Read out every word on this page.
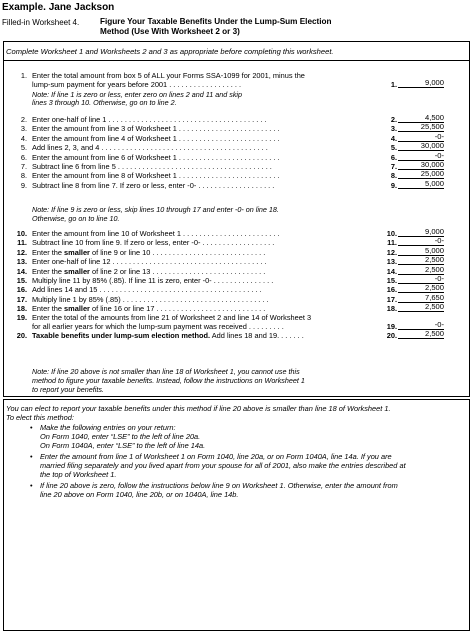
Example. Jane Jackson
Filled-in Worksheet 4.	Figure Your Taxable Benefits Under the Lump-Sum Election
Method (Use With Worksheet 2 or 3)
Complete Worksheet 1 and Worksheets 2 and 3 as appropriate before completing this worksheet.
Note: If line 1 is zero or less, enter zero on lines 2 and 11 and skip
lines 3 through 10. Otherwise, go on to line 2.
Note: If line 9 is zero or less, skip lines 10 through 17 and enter -0- on line 18.
Otherwise, go on to line 10.
Note: If line 20 above is not smaller than line 18 of Worksheet 1, you cannot use this
method to figure your taxable benefits. Instead, follow the instructions on Worksheet 1
to report your benefits.
You can elect to report your taxable benefits under this method if line 20 above is smaller than line 18 of Worksheet 1.
To elect this method:
• Make the following entries on your return:
On Form 1040, enter “LSE” to the left of line 20a.
On Form 1040A, enter “LSE” to the left of line 14a.
• Enter the amount from line 1 of Worksheet 1 on Form 1040, line 20a, or on Form 1040A, line 14a. If you are
married filing separately and you lived apart from your spouse for all of 2001, also make the entries described at
the top of Worksheet 1.
• If line 20 above is zero, follow the instructions below line 9 on Worksheet 1. Otherwise, enter the amount from
line 20 above on Form 1040, line 20b, or on 1040A, line 14b.
1. Enter the total amount from box 5 of ALL your Forms SSA-1099 for 2001, minus the
lump-sum payment for years before 2001 . . . . . . . . . . . . . . . . . .	1.	9,000
2. Enter one-half of line 1 . . . . . . . . . . . . . . . . . . . . . . . . . . . . . . . . . . . . . . .	2.	4,500
3. Enter the amount from line 3 of Worksheet 1 . . . . . . . . . . . . . . . . . . . . . . . . .	3.	25,500
4. Enter the amount from line 4 of Worksheet 1 . . . . . . . . . . . . . . . . . . . . . . . . .	4.	-0-
5. Add lines 2, 3, and 4 . . . . . . . . . . . . . . . . . . . . . . . . . . . . . . . . . . . . . . . . .	5.	30,000
6. Enter the amount from line 6 of Worksheet 1 . . . . . . . . . . . . . . . . . . . . . . . . .	6.	-0-
7. Subtract line 6 from line 5 . . . . . . . . . . . . . . . . . . . . . . . . . . . . . . . . . . . . . .	7.	30,000
8. Enter the amount from line 8 of Worksheet 1 . . . . . . . . . . . . . . . . . . . . . . . . .	8.	25,000
9. Subtract line 8 from line 7. If zero or less, enter -0- . . . . . . . . . . . . . . . . . . .	9.	5,000
10. Enter the amount from line 10 of Worksheet 1 . . . . . . . . . . . . . . . . . . . . . . . .	10.	9,000
11. Subtract line 10 from line 9. If zero or less, enter -0- . . . . . . . . . . . . . . . . . .	11.	-0-
12. Enter the smaller of line 9 or line 10 . . . . . . . . . . . . . . . . . . . . . . . . . . . .	12.	5,000
13. Enter one-half of line 12 . . . . . . . . . . . . . . . . . . . . . . . . . . . . . . . . . . . . . .	13.	2,500
14. Enter the smaller of line 2 or line 13 . . . . . . . . . . . . . . . . . . . . . . . . . . . .	14.	2,500
15. Multiply line 11 by 85% (.85). If line 11 is zero, enter -0- . . . . . . . . . . . . . . .	15.	-0-
16. Add lines 14 and 15 . . . . . . . . . . . . . . . . . . . . . . . . . . . . . . . . . . . . . . . .	16.	2,500
17. Multiply line 1 by 85% (.85) . . . . . . . . . . . . . . . . . . . . . . . . . . . . . . . . . . . .	17.	7,650
18. Enter the smaller of line 16 or line 17 . . . . . . . . . . . . . . . . . . . . . . . . . . .	18.	2,500
19. Enter the total of the amounts from line 21 of Worksheet 2 and line 14 of Worksheet 3
for all earlier years for which the lump-sum payment was received . . . . . . . . .	19.	-0-
20. Taxable benefits under lump-sum election method. Add lines 18 and 19. . . . . . .	20.	2,500
